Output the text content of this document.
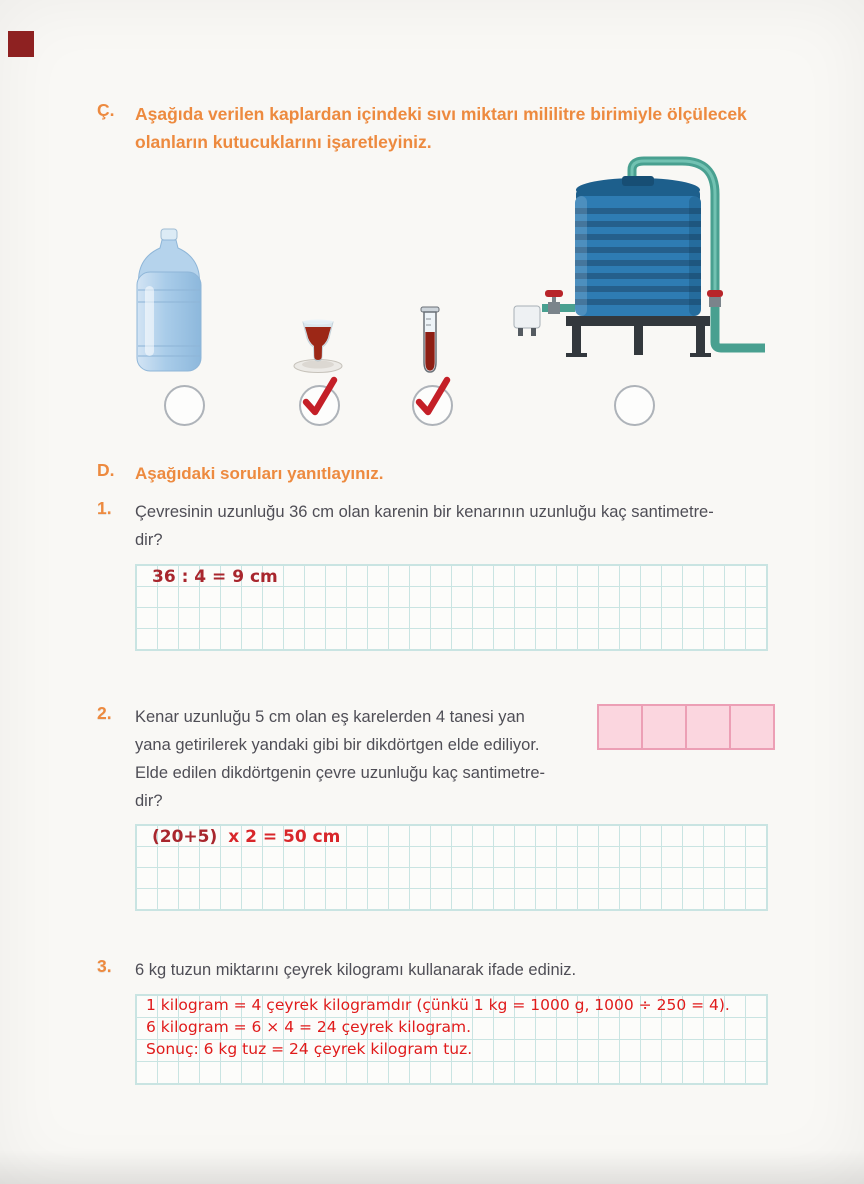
Ç. Aşağıda verilen kaplardan içindeki sıvı miktarı mililitre birimiyle ölçülecek
olanların kutucuklarını işaretleyiniz.
D. Aşağıdaki soruları yanıtlayınız.
1. Çevresinin uzunluğu 36 cm olan karenin bir kenarının uzunluğu kaç santimetre-
dir?
36 : 4 = 9 cm
2. Kenar uzunluğu 5 cm olan eş karelerden 4 tanesi yan
yana getirilerek yandaki gibi bir dikdörtgen elde ediliyor.
Elde edilen dikdörtgenin çevre uzunluğu kaç santimetre-
dir?
(20+5) x 2 = 50 cm
3. 6 kg tuzun miktarını çeyrek kilogramı kullanarak ifade ediniz.
1 kilogram = 4 çeyrek kilogramdır (çünkü 1 kg = 1000 g, 1000 ÷ 250 = 4).
6 kilogram = 6 × 4 = 24 çeyrek kilogram.
Sonuç: 6 kg tuz = 24 çeyrek kilogram tuz.
